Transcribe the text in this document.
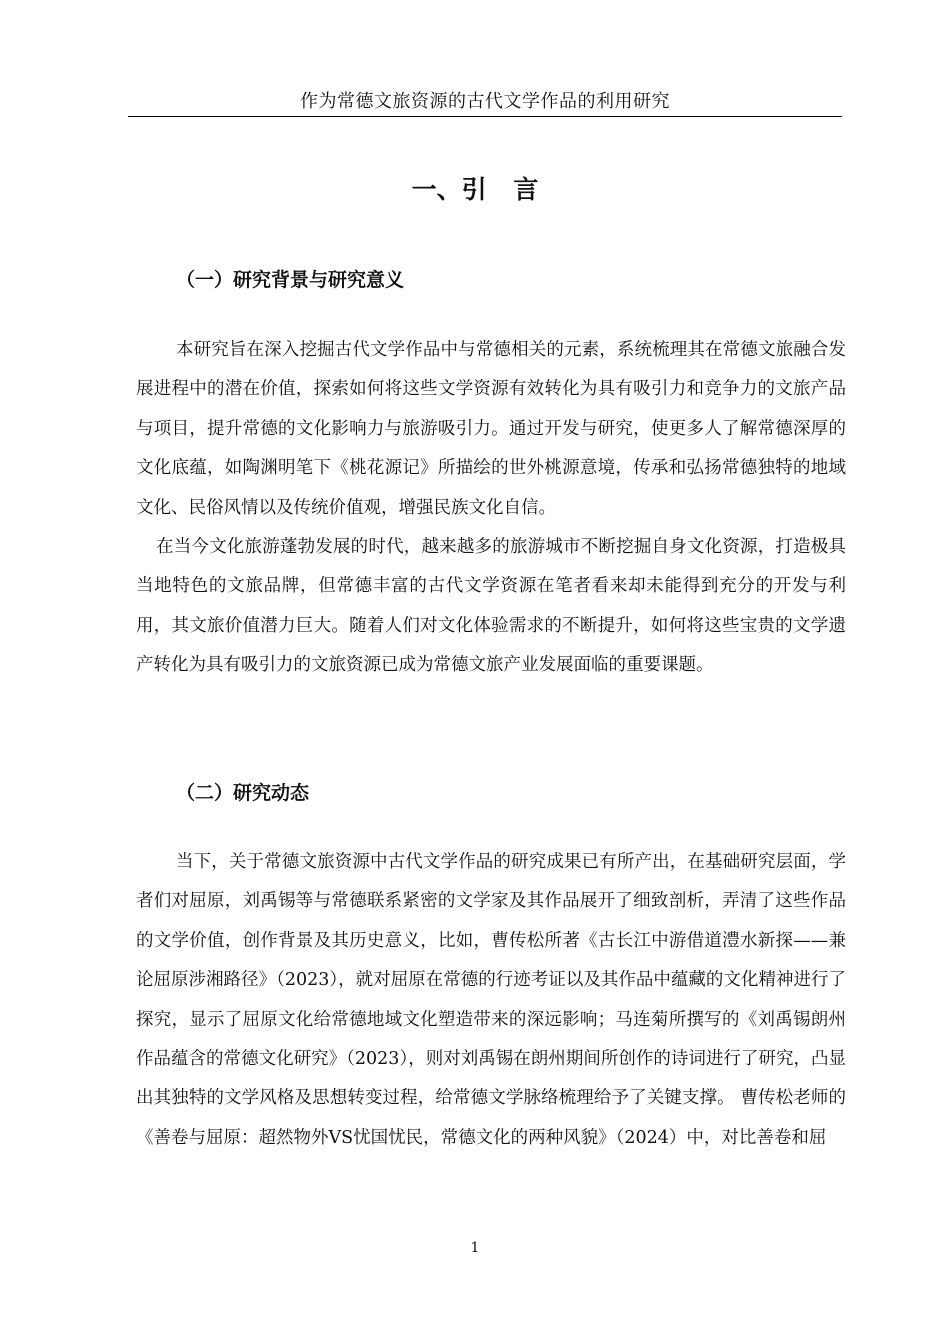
作为常德文旅资源的古代文学作品的利用研究
一、引 言
（一）研究背景与研究意义

本研究旨在深入挖掘古代文学作品中与常德相关的元素，系统梳理其在常德文旅融合发展进程中的潜在价值，探索如何将这些文学资源有效转化为具有吸引力和竞争力的文旅产品与项目，提升常德的文化影响力与旅游吸引力。通过开发与研究，使更多人了解常德深厚的文化底蕴，如陶渊明笔下《桃花源记》所描绘的世外桃源意境，传承和弘扬常德独特的地域文化、民俗风情以及传统价值观，增强民族文化自信。

在当今文化旅游蓬勃发展的时代，越来越多的旅游城市不断挖掘自身文化资源，打造极具当地特色的文旅品牌，但常德丰富的古代文学资源在笔者看来却未能得到充分的开发与利用，其文旅价值潜力巨大。随着人们对文化体验需求的不断提升，如何将这些宝贵的文学遗产转化为具有吸引力的文旅资源已成为常德文旅产业发展面临的重要课题。

（二）研究动态

当下，关于常德文旅资源中古代文学作品的研究成果已有所产出，在基础研究层面，学者们对屈原，刘禹锡等与常德联系紧密的文学家及其作品展开了细致剖析，弄清了这些作品的文学价值，创作背景及其历史意义，比如，曹传松所著《古长江中游借道澧水新探——兼论屈原涉湘路径》（2023），就对屈原在常德的行迹考证以及其作品中蕴藏的文化精神进行了探究，显示了屈原文化给常德地域文化塑造带来的深远影响；马连菊所撰写的《刘禹锡朗州作品蕴含的常德文化研究》（2023），则对刘禹锡在朗州期间所创作的诗词进行了研究，凸显出其独特的文学风格及思想转变过程，给常德文学脉络梳理给予了关键支撑。 曹传松老师的《善卷与屈原：超然物外VS忧国忧民，常德文化的两种风貌》（2024）中，对比善卷和屈

1
